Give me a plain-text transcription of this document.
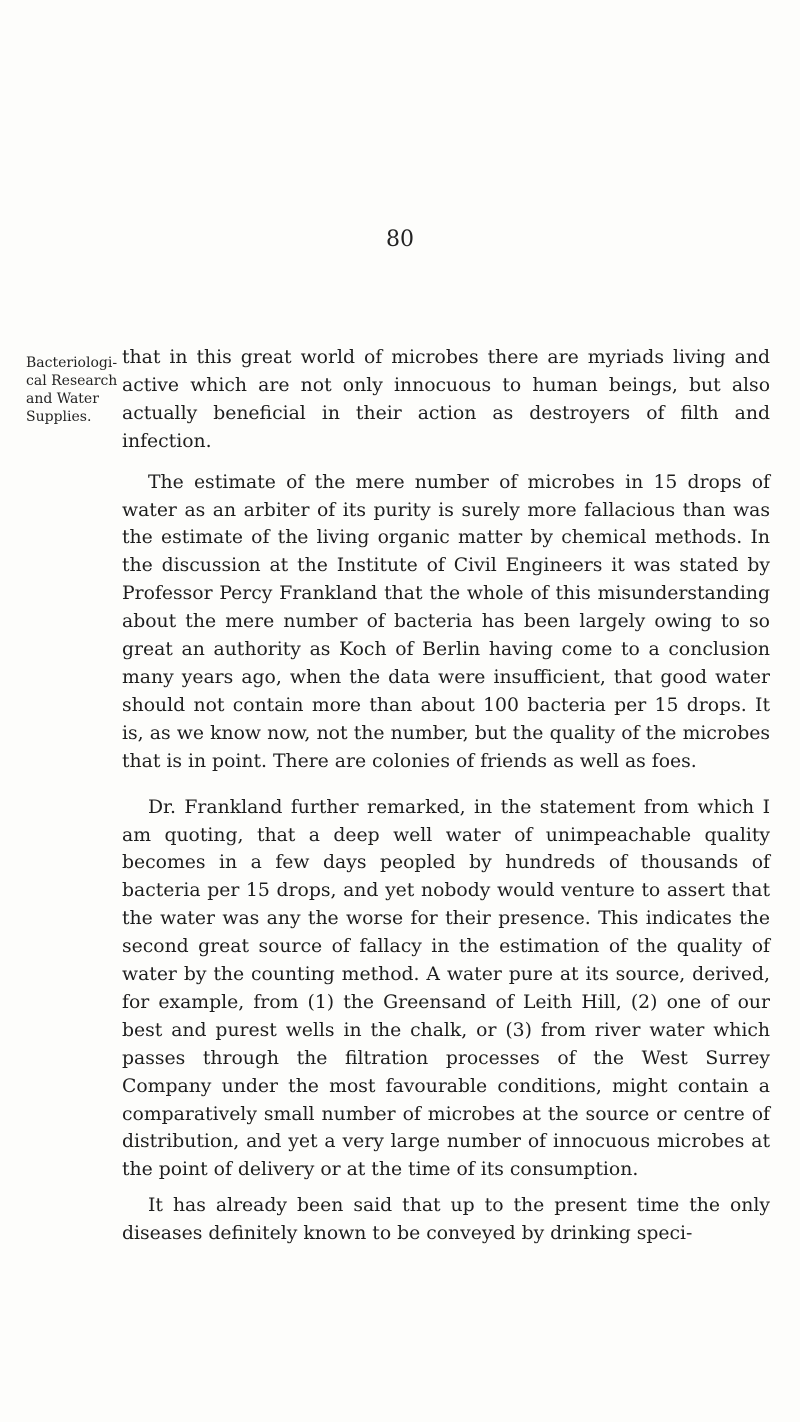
80
Bacteriologi-
cal Research
and Water
Supplies.

that in this great world of microbes there are myriads living and active which are not only innocuous to human beings, but also actually beneficial in their action as destroyers of filth and infection.

The estimate of the mere number of microbes in 15 drops of water as an arbiter of its purity is surely more fallacious than was the estimate of the living organic matter by chemical methods. In the discussion at the Institute of Civil Engineers it was stated by Professor Percy Frankland that the whole of this misunderstanding about the mere number of bacteria has been largely owing to so great an authority as Koch of Berlin having come to a conclusion many years ago, when the data were insufficient, that good water should not contain more than about 100 bacteria per 15 drops. It is, as we know now, not the number, but the quality of the microbes that is in point. There are colonies of friends as well as foes.

Dr. Frankland further remarked, in the statement from which I am quoting, that a deep well water of unimpeachable quality becomes in a few days peopled by hundreds of thousands of bacteria per 15 drops, and yet nobody would venture to assert that the water was any the worse for their presence. This indicates the second great source of fallacy in the estimation of the quality of water by the counting method. A water pure at its source, derived, for example, from (1) the Greensand of Leith Hill, (2) one of our best and purest wells in the chalk, or (3) from river water which passes through the filtration processes of the West Surrey Company under the most favourable conditions, might contain a comparatively small number of microbes at the source or centre of distribution, and yet a very large number of innocuous microbes at the point of delivery or at the time of its consumption.

It has already been said that up to the present time the only diseases definitely known to be conveyed by drinking speci-
